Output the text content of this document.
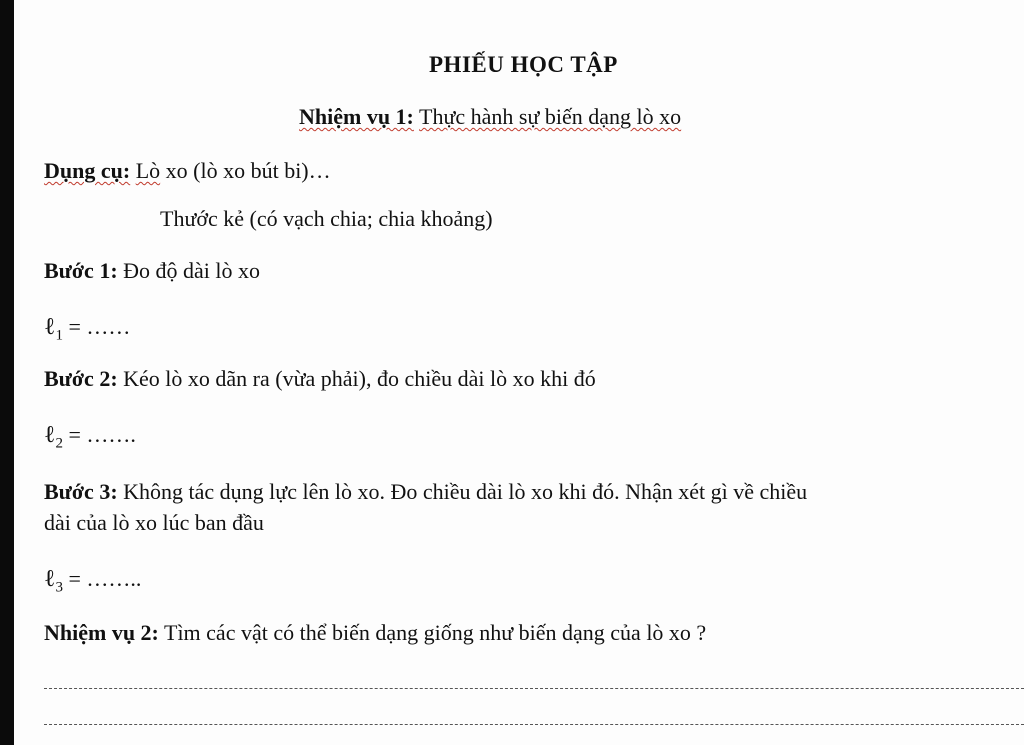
PHIẾU HỌC TẬP
Nhiệm vụ 1: Thực hành sự biến dạng lò xo
Dụng cụ: Lò xo (lò xo bút bi)…
Thước kẻ (có vạch chia; chia khoảng)
Bước 1: Đo độ dài lò xo
ℓ$_1$ = ……
Bước 2: Kéo lò xo dãn ra (vừa phải), đo chiều dài lò xo khi đó
ℓ$_2$ = …….
Bước 3: Không tác dụng lực lên lò xo. Đo chiều dài lò xo khi đó. Nhận xét gì về chiều
dài của lò xo lúc ban đầu
ℓ$_3$ = ……..
Nhiệm vụ 2: Tìm các vật có thể biến dạng giống như biến dạng của lò xo ?
